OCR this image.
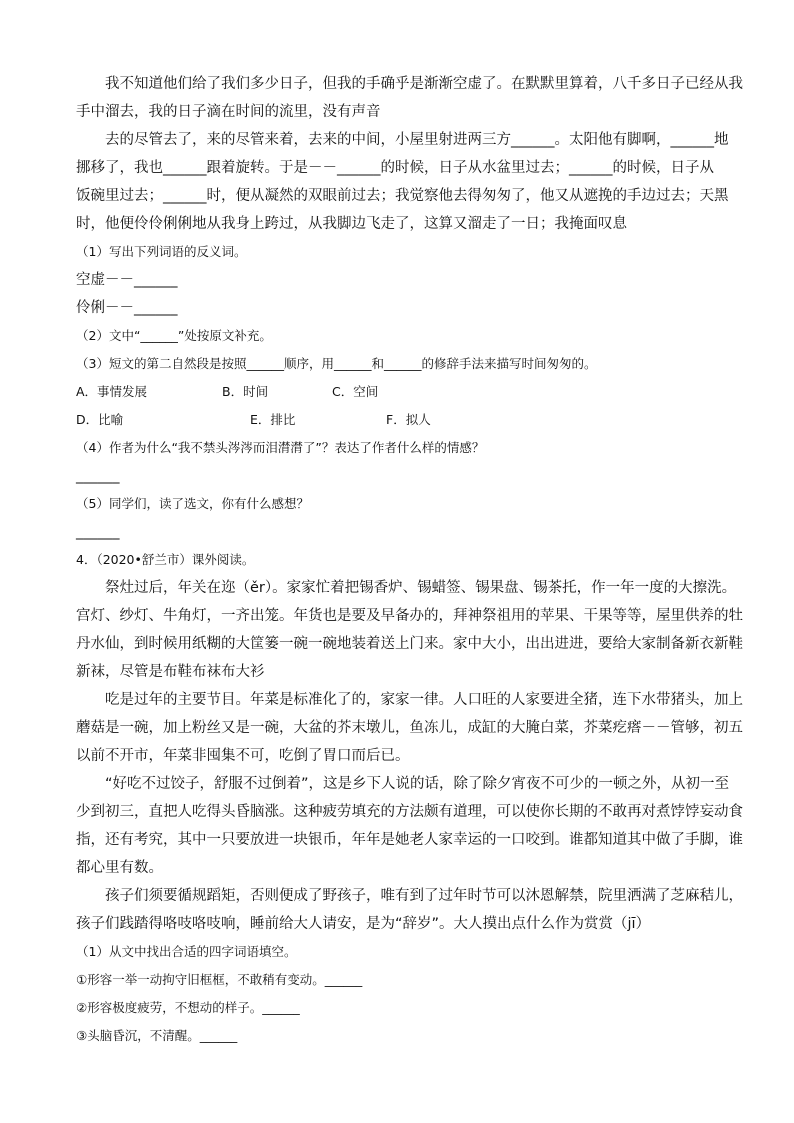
我不知道他们给了我们多少日子，但我的手确乎是渐渐空虚了。在默默里算着，八千多日子已经从我
手中溜去，我的日子滴在时间的流里，没有声音
去的尽管去了，来的尽管来着，去来的中间，小屋里射进两三方______。太阳他有脚啊，______地
挪移了，我也______跟着旋转。于是－－______的时候，日子从水盆里过去；______的时候，日子从
饭碗里过去；______时，便从凝然的双眼前过去；我觉察他去得匆匆了，他又从遮挽的手边过去；天黑
时，他便伶伶俐俐地从我身上跨过，从我脚边飞走了，这算又溜走了一日；我掩面叹息
（1）写出下列词语的反义词。
空虚－－______
伶俐－－______
（2）文中“______”处按原文补充。
（3）短文的第二自然段是按照______顺序，用______和______的修辞手法来描写时间匆匆的。
A．事情发展	B．时间	C．空间
D．比喻	E．排比	F．拟人
（4）作者为什么“我不禁头涔涔而泪潸潸了”？表达了作者什么样的情感？
______
（5）同学们，读了选文，你有什么感想？
______
4．（2020•舒兰市）课外阅读。
祭灶过后，年关在迩（ěr）。家家忙着把锡香炉、锡蜡签、锡果盘、锡茶托，作一年一度的大擦洗。
宫灯、纱灯、牛角灯，一齐出笼。年货也是要及早备办的，拜神祭祖用的苹果、干果等等，屋里供养的牡
丹水仙，到时候用纸糊的大筐篓一碗一碗地装着送上门来。家中大小，出出进进，要给大家制备新衣新鞋
新袜，尽管是布鞋布袜布大衫
吃是过年的主要节目。年菜是标准化了的，家家一律。人口旺的人家要进全猪，连下水带猪头，加上
蘑菇是一碗，加上粉丝又是一碗，大盆的芥末墩儿，鱼冻儿，成缸的大腌白菜，芥菜疙瘩－－管够，初五
以前不开市，年菜非囤集不可，吃倒了胃口而后已。
“好吃不过饺子，舒服不过倒着”，这是乡下人说的话，除了除夕宵夜不可少的一顿之外，从初一至
少到初三，直把人吃得头昏脑涨。这种疲劳填充的方法颇有道理，可以使你长期的不敢再对煮饽饽妄动食
指，还有考究，其中一只要放进一块银币，年年是她老人家幸运的一口咬到。谁都知道其中做了手脚，谁
都心里有数。
孩子们须要循规蹈矩，否则便成了野孩子，唯有到了过年时节可以沐恩解禁，院里洒满了芝麻秸儿，
孩子们践踏得咯吱咯吱响，睡前给大人请安，是为“辞岁”。大人摸出点什么作为赏赏（jī）
（1）从文中找出合适的四字词语填空。
①形容一举一动拘守旧框框，不敢稍有变动。______
②形容极度疲劳，不想动的样子。______
③头脑昏沉，不清醒。______
